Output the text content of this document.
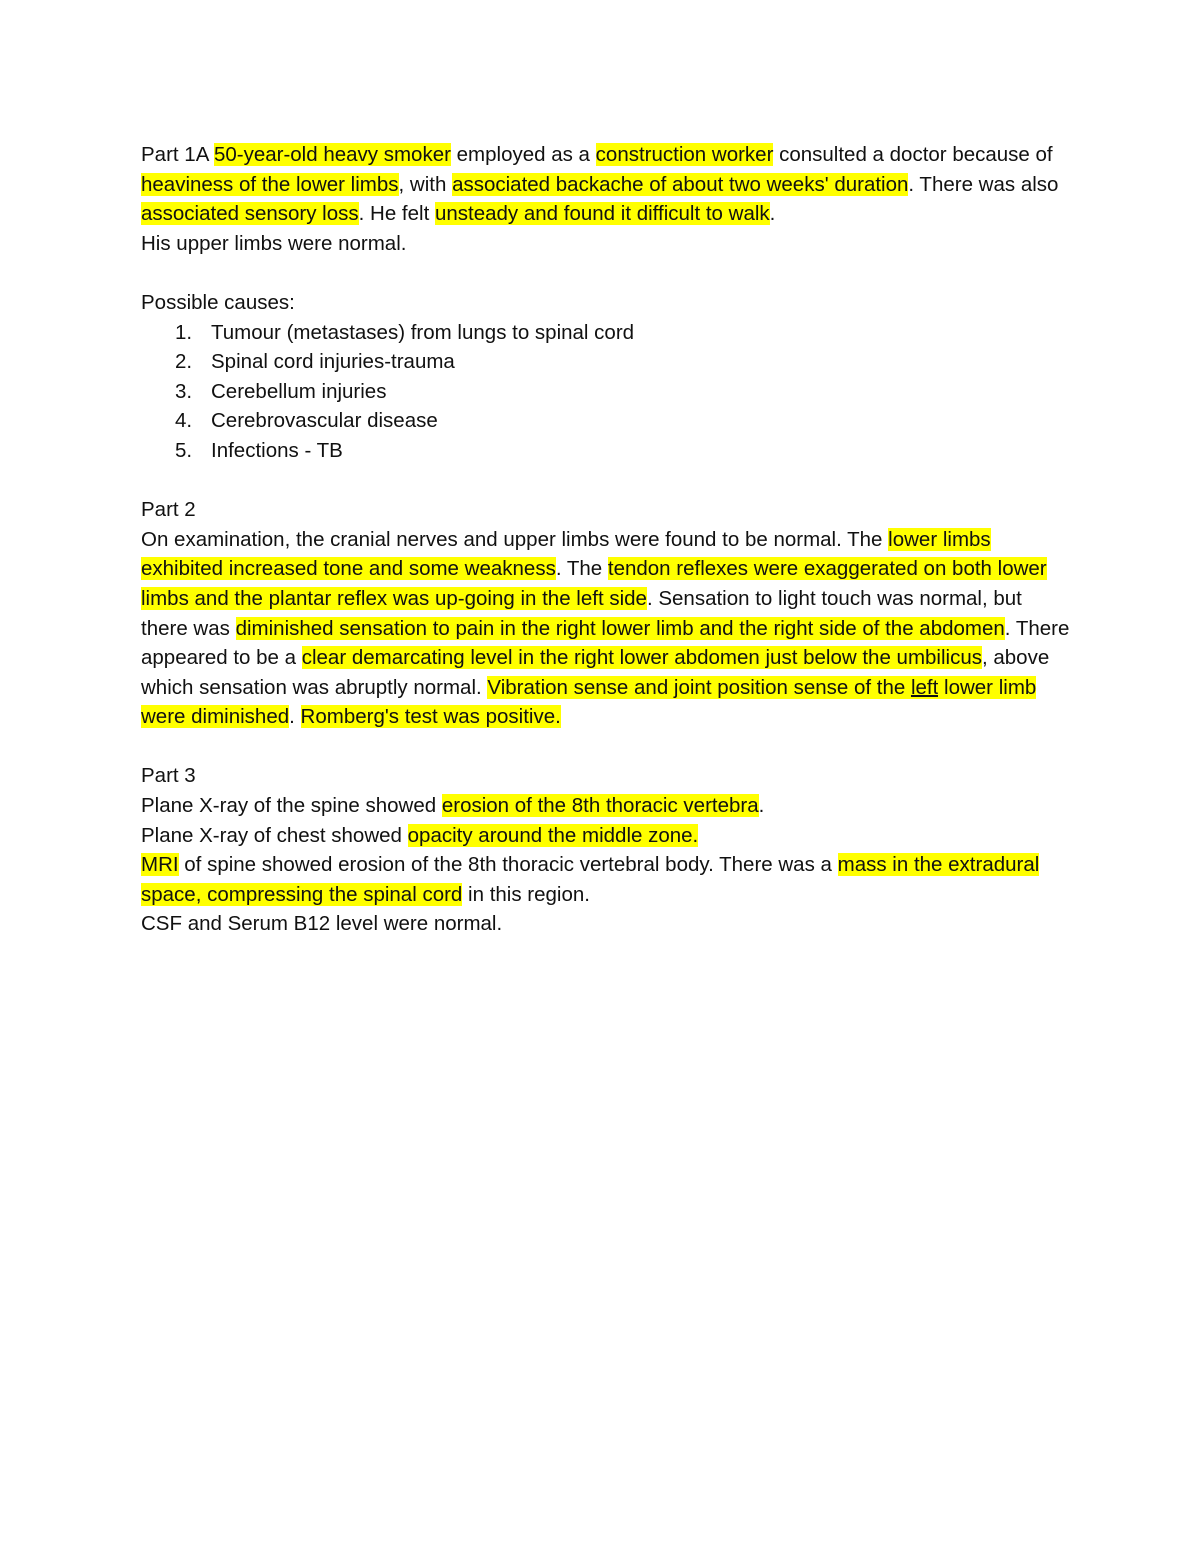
Part 1A 50-year-old heavy smoker employed as a construction worker consulted a doctor because of heaviness of the lower limbs, with associated backache of about two weeks' duration. There was also associated sensory loss. He felt unsteady and found it difficult to walk.
His upper limbs were normal.

Possible causes:

1. Tumour (metastases) from lungs to spinal cord
2. Spinal cord injuries-trauma
3. Cerebellum injuries
4. Cerebrovascular disease
5. Infections - TB

Part 2

On examination, the cranial nerves and upper limbs were found to be normal. The lower limbs exhibited increased tone and some weakness. The tendon reflexes were exaggerated on both lower limbs and the plantar reflex was up-going in the left side. Sensation to light touch was normal, but there was diminished sensation to pain in the right lower limb and the right side of the abdomen. There appeared to be a clear demarcating level in the right lower abdomen just below the umbilicus, above which sensation was abruptly normal. Vibration sense and joint position sense of the left lower limb were diminished. Romberg's test was positive.

Part 3

Plane X-ray of the spine showed erosion of the 8th thoracic vertebra.

Plane X-ray of chest showed opacity around the middle zone.

MRI of spine showed erosion of the 8th thoracic vertebral body. There was a mass in the extradural space, compressing the spinal cord in this region.

CSF and Serum B12 level were normal.
